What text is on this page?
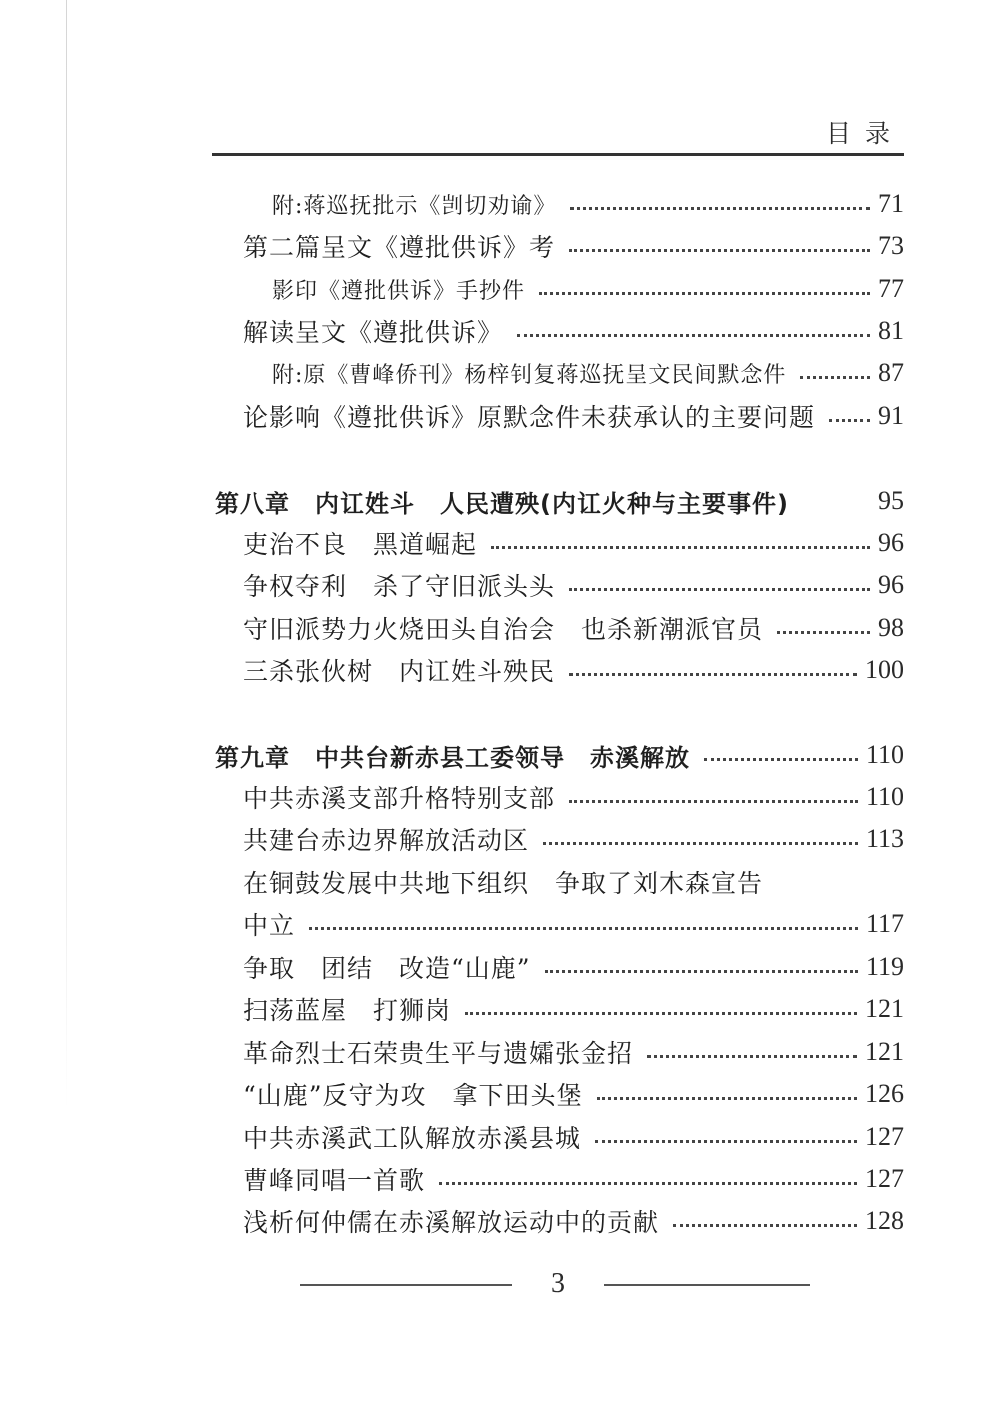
目录
附:蒋巡抚批示《剀切劝谕》	71
第二篇呈文《遵批供诉》考	73
影印《遵批供诉》手抄件	77
解读呈文《遵批供诉》	81
附:原《曹峰侨刊》杨梓钊复蒋巡抚呈文民间默念件	87
论影响《遵批供诉》原默念件未获承认的主要问题 91
第八章　内讧姓斗　人民遭殃(内讧火种与主要事件)	95
吏治不良　黑道崛起	96
争权夺利　杀了守旧派头头	96
守旧派势力火烧田头自治会　也杀新潮派官员	98
三杀张伙树　内讧姓斗殃民	100
第九章　中共台新赤县工委领导　赤溪解放	110
中共赤溪支部升格特别支部	110
共建台赤边界解放活动区	113
在铜鼓发展中共地下组织　争取了刘木森宣告
中立	117
争取　团结　改造“山鹿”	119
扫荡蓝屋　打狮岗	121
革命烈士石荣贵生平与遗孀张金招	121
“山鹿”反守为攻　拿下田头堡	126
中共赤溪武工队解放赤溪县城	127
曹峰同唱一首歌	127
浅析何仲儒在赤溪解放运动中的贡献	128
3
